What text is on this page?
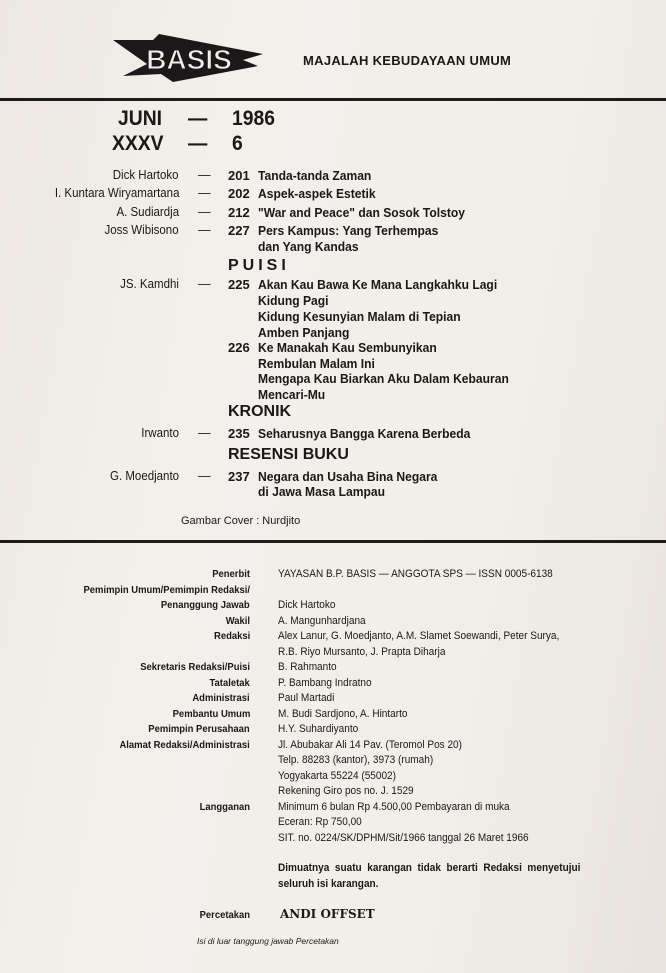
BASIS	MAJALAH KEBUDAYAAN UMUM
JUNI — 1986
XXXV — 6
Dick Hartoko — 201 Tanda-tanda Zaman
I. Kuntara Wiryamartana — 202 Aspek-aspek Estetik
A. Sudiardja — 212 "War and Peace" dan Sosok Tolstoy
Joss Wibisono — 227 Pers Kampus: Yang Terhempas
dan Yang Kandas
PUISI
JS. Kamdhi — 225 Akan Kau Bawa Ke Mana Langkahku Lagi
Kidung Pagi
Kidung Kesunyian Malam di Tepian
Amben Panjang
226 Ke Manakah Kau Sembunyikan
Rembulan Malam Ini
Mengapa Kau Biarkan Aku Dalam Kebauran
Mencari-Mu
KRONIK
Irwanto — 235 Seharusnya Bangga Karena Berbeda
RESENSI BUKU
G. Moedjanto — 237 Negara dan Usaha Bina Negara
di Jawa Masa Lampau
Gambar Cover : Nurdjito
Penerbit	YAYASAN B.P. BASIS — ANGGOTA SPS — ISSN 0005-6138
Pemimpin Umum/Pemimpin Redaksi/
Penanggung Jawab	Dick Hartoko
Wakil	A. Mangunhardjana
Redaksi	Alex Lanur, G. Moedjanto, A.M. Slamet Soewandi, Peter Surya,
R.B. Riyo Mursanto, J. Prapta Diharja
Sekretaris Redaksi/Puisi	B. Rahmanto
Tataletak	P. Bambang Indratno
Administrasi	Paul Martadi
Pembantu Umum	M. Budi Sardjono, A. Hintarto
Pemimpin Perusahaan	H.Y. Suhardiyanto
Alamat Redaksi/Administrasi	Jl. Abubakar Ali 14 Pav. (Teromol Pos 20)
Telp. 88283 (kantor), 3973 (rumah)
Yogyakarta 55224 (55002)
Rekening Giro pos no. J. 1529
Langganan	Minimum 6 bulan Rp 4.500,00 Pembayaran di muka
Eceran: Rp 750,00
SIT. no. 0224/SK/DPHM/Sit/1966 tanggal 26 Maret 1966
Dimuatnya suatu karangan tidak berarti Redaksi menyetujui
seluruh isi karangan.
Percetakan	ANDI OFFSET
Isi di luar tanggung jawab Percetakan
